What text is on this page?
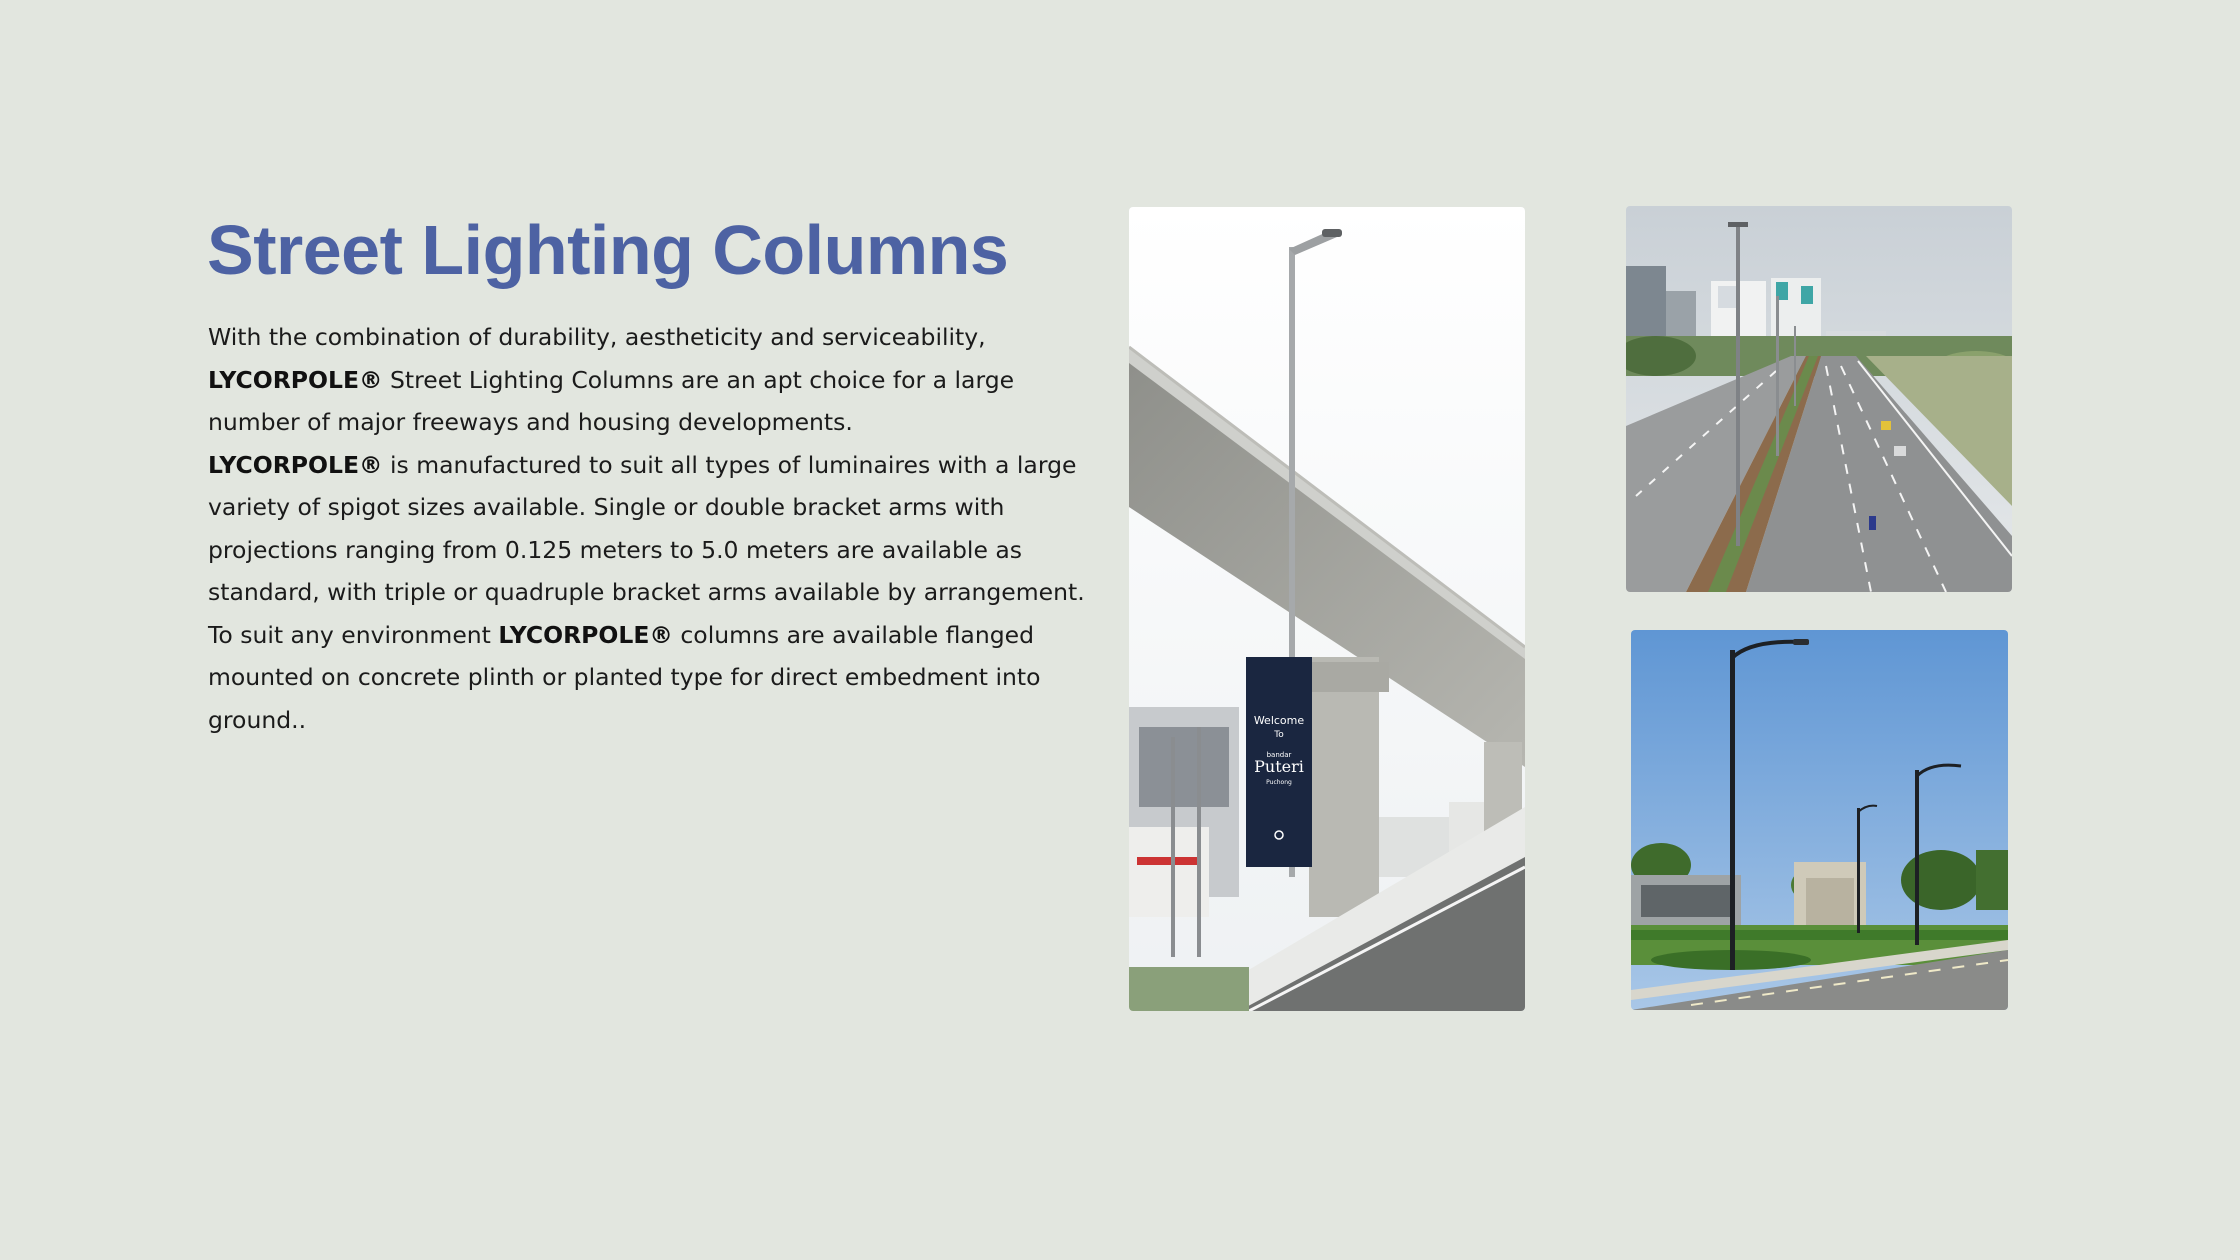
Street Lighting Columns

With the combination of durability, aestheticity and serviceability, LYCORPOLE® Street Lighting Columns are an apt choice for a large number of major freeways and housing developments.

LYCORPOLE® is manufactured to suit all types of luminaires with a large variety of spigot sizes available. Single or double bracket arms with projections ranging from 0.125 meters to 5.0 meters are available as standard, with triple or quadruple bracket arms available by arrangement.

To suit any environment LYCORPOLE® columns are available flanged mounted on concrete plinth or planted type for direct embedment into ground..	Welcome
To
bandar
Puteri
Puchong
